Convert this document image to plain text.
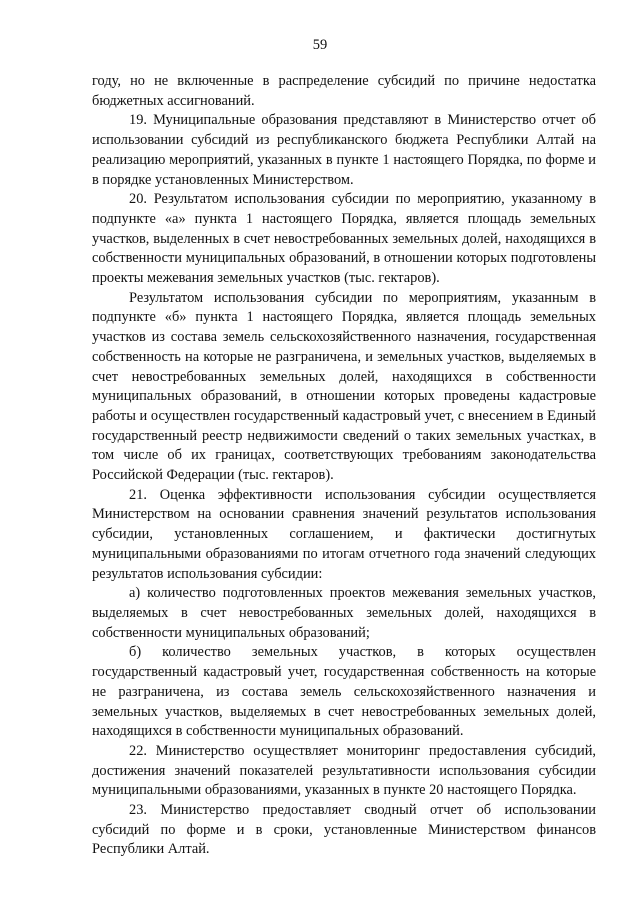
59

году, но не включенные в распределение субсидий по причине недостатка бюджетных ассигнований.

19. Муниципальные образования представляют в Министерство отчет об использовании субсидий из республиканского бюджета Республики Алтай на реализацию мероприятий, указанных в пункте 1 настоящего Порядка, по форме и в порядке установленных Министерством.

20. Результатом использования субсидии по мероприятию, указанному в подпункте «а» пункта 1 настоящего Порядка, является площадь земельных участков, выделенных в счет невостребованных земельных долей, находящихся в собственности муниципальных образований, в отношении которых подготовлены проекты межевания земельных участков (тыс. гектаров).

Результатом использования субсидии по мероприятиям, указанным в подпункте «б» пункта 1 настоящего Порядка, является площадь земельных участков из состава земель сельскохозяйственного назначения, государственная собственность на которые не разграничена, и земельных участков, выделяемых в счет невостребованных земельных долей, находящихся в собственности муниципальных образований, в отношении которых проведены кадастровые работы и осуществлен государственный кадастровый учет, с внесением в Единый государственный реестр недвижимости сведений о таких земельных участках, в том числе об их границах, соответствующих требованиям законодательства Российской Федерации (тыс. гектаров).

21. Оценка эффективности использования субсидии осуществляется Министерством на основании сравнения значений результатов использования субсидии, установленных соглашением, и фактически достигнутых муниципальными образованиями по итогам отчетного года значений следующих результатов использования субсидии:

а) количество подготовленных проектов межевания земельных участков, выделяемых в счет невостребованных земельных долей, находящихся в собственности муниципальных образований;

б) количество земельных участков, в которых осуществлен государственный кадастровый учет, государственная собственность на которые не разграничена, из состава земель сельскохозяйственного назначения и земельных участков, выделяемых в счет невостребованных земельных долей, находящихся в собственности муниципальных образований.

22. Министерство осуществляет мониторинг предоставления субсидий, достижения значений показателей результативности использования субсидии муниципальными образованиями, указанных в пункте 20 настоящего Порядка.

23. Министерство предоставляет сводный отчет об использовании субсидий по форме и в сроки, установленные Министерством финансов Республики Алтай.
